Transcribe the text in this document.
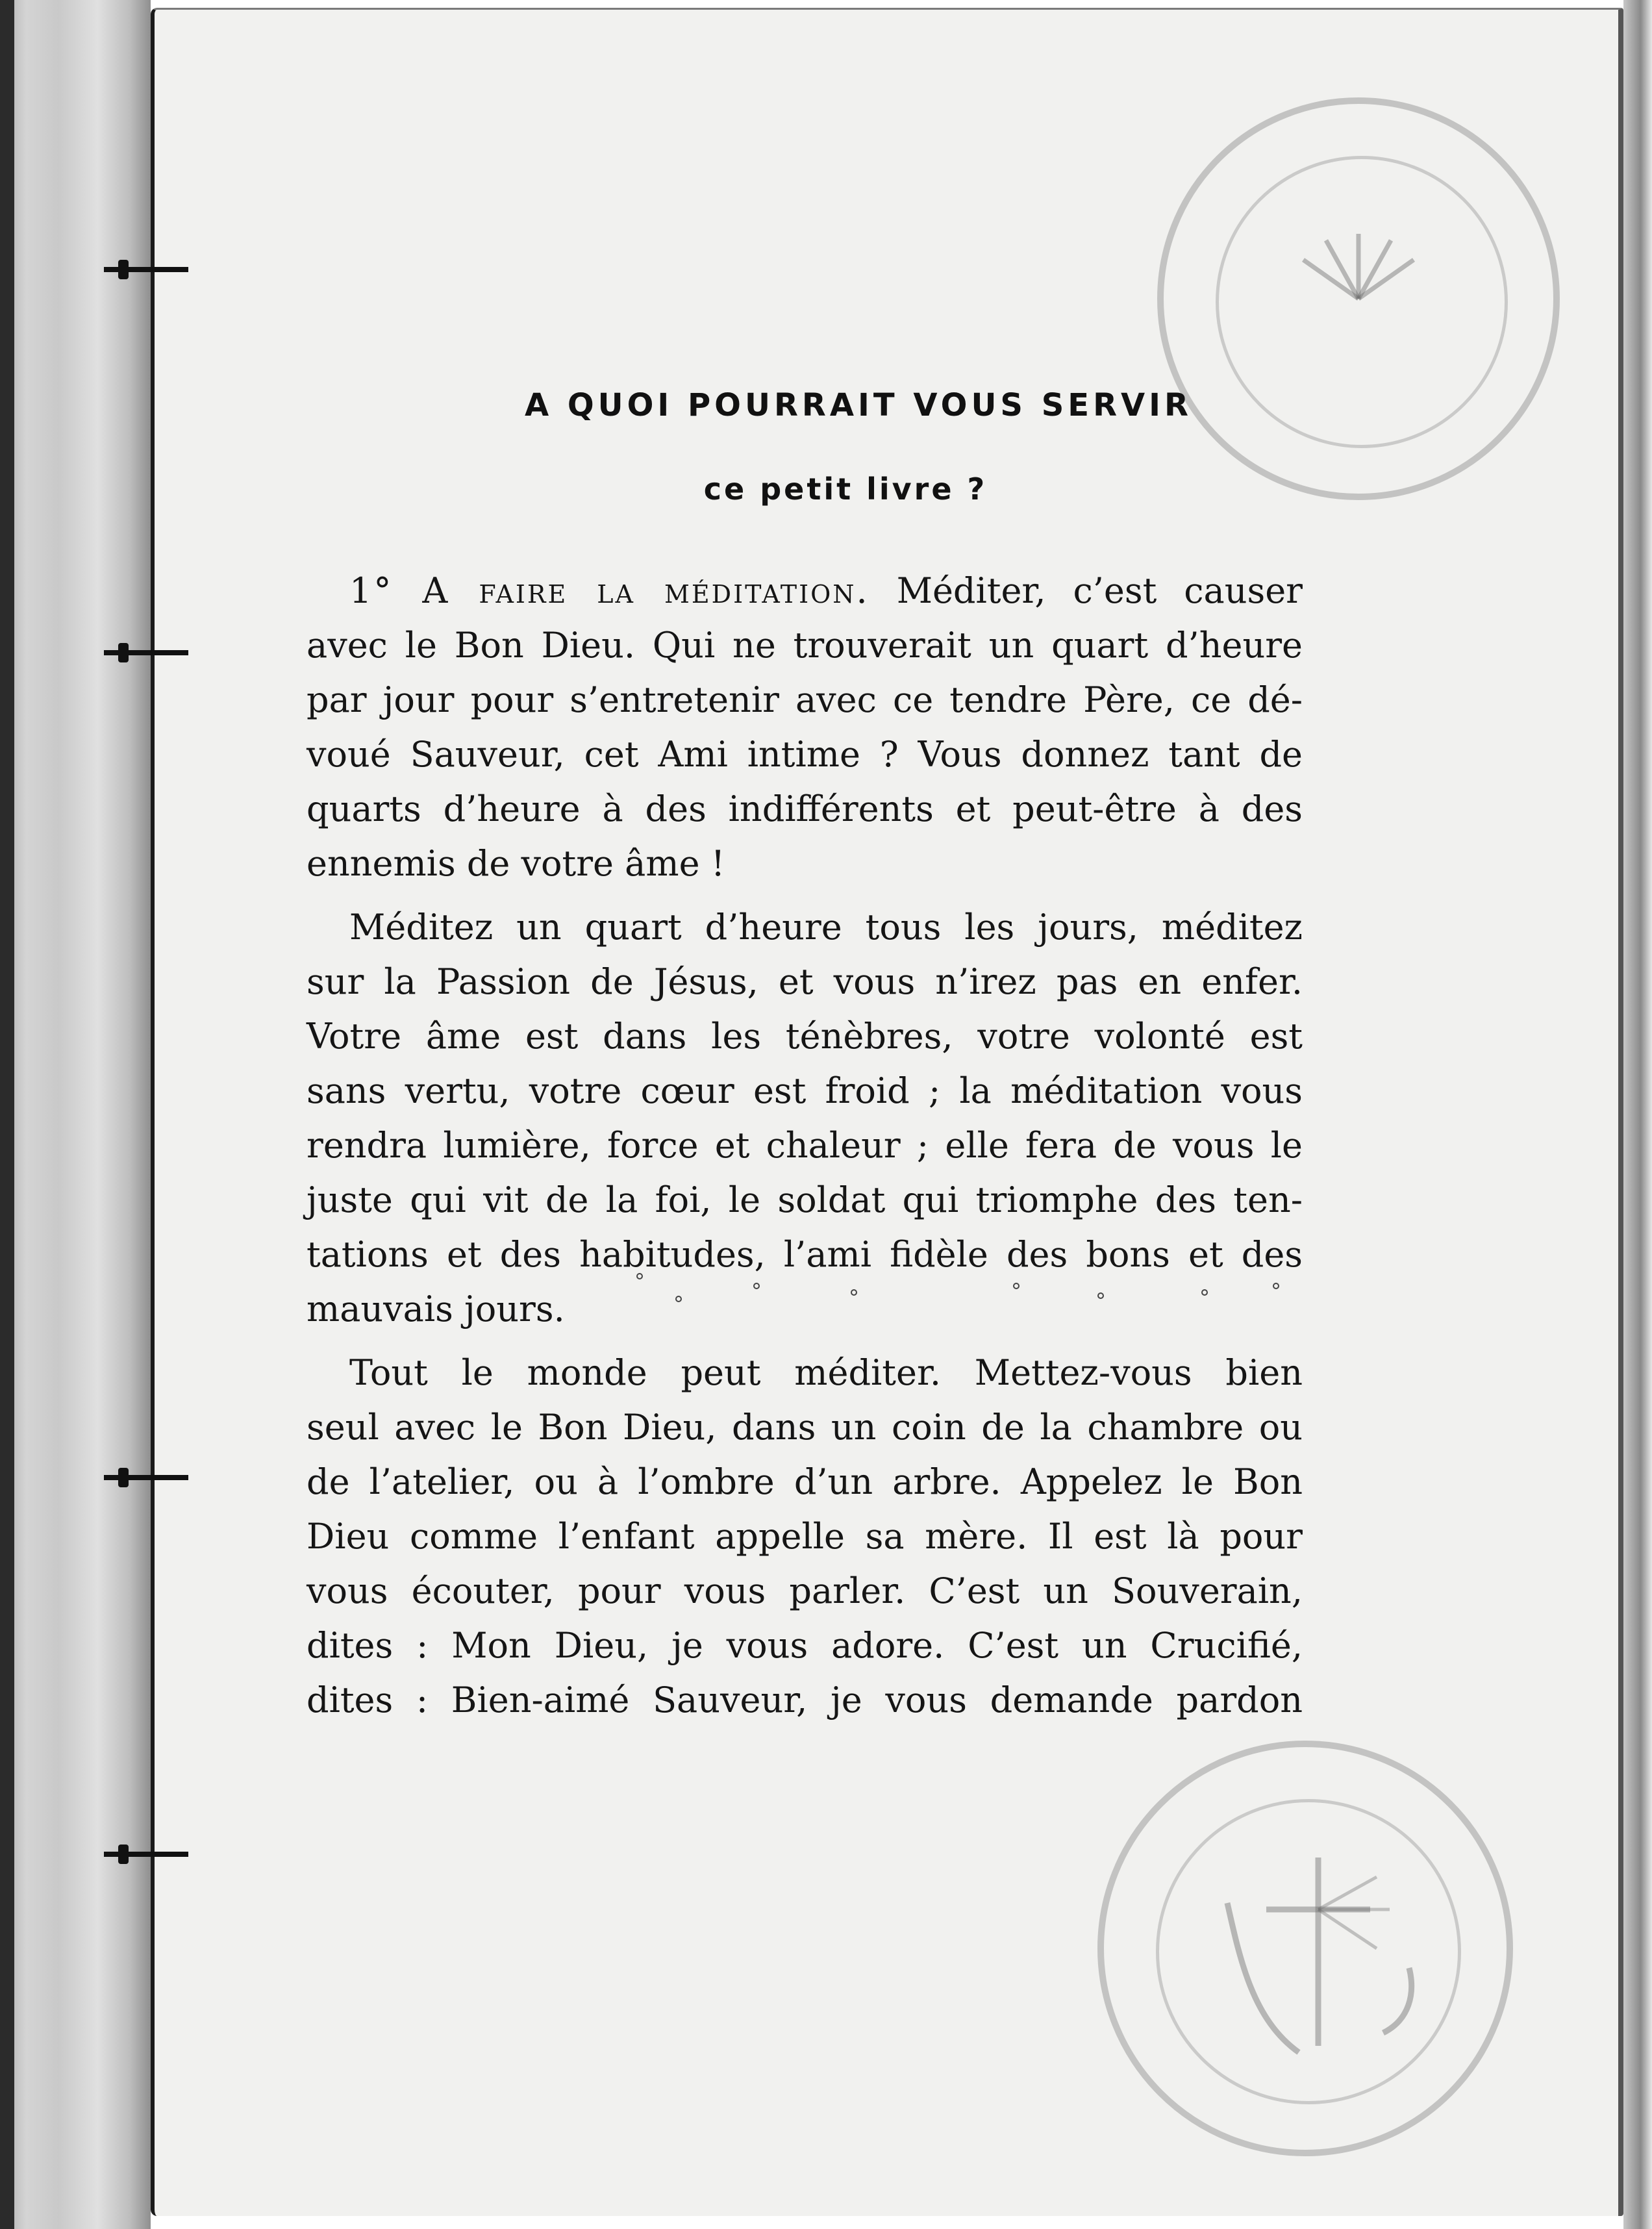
A QUOI POURRAIT VOUS SERVIR
ce petit livre ?

1° A faire la méditation. Méditer, c’est causer

avec le Bon Dieu. Qui ne trouverait un quart d’heure

par jour pour s’entretenir avec ce tendre Père, ce dé-

voué Sauveur, cet Ami intime ? Vous donnez tant de

quarts d’heure à des indifférents et peut-être à des

ennemis de votre âme !

Méditez un quart d’heure tous les jours, méditez

sur la Passion de Jésus, et vous n’irez pas en enfer.

Votre âme est dans les ténèbres, votre volonté est

sans vertu, votre cœur est froid ; la méditation vous

rendra lumière, force et chaleur ; elle fera de vous le

juste qui vit de la foi, le soldat qui triomphe des ten-

tations et des habitudes, l’ami fidèle des bons et des

mauvais jours.

Tout le monde peut méditer. Mettez-vous bien

seul avec le Bon Dieu, dans un coin de la chambre ou

de l’atelier, ou à l’ombre d’un arbre. Appelez le Bon

Dieu comme l’enfant appelle sa mère. Il est là pour

vous écouter, pour vous parler. C’est un Souverain,

dites : Mon Dieu, je vous adore. C’est un Crucifié,

dites : Bien-aimé Sauveur, je vous demande pardon
